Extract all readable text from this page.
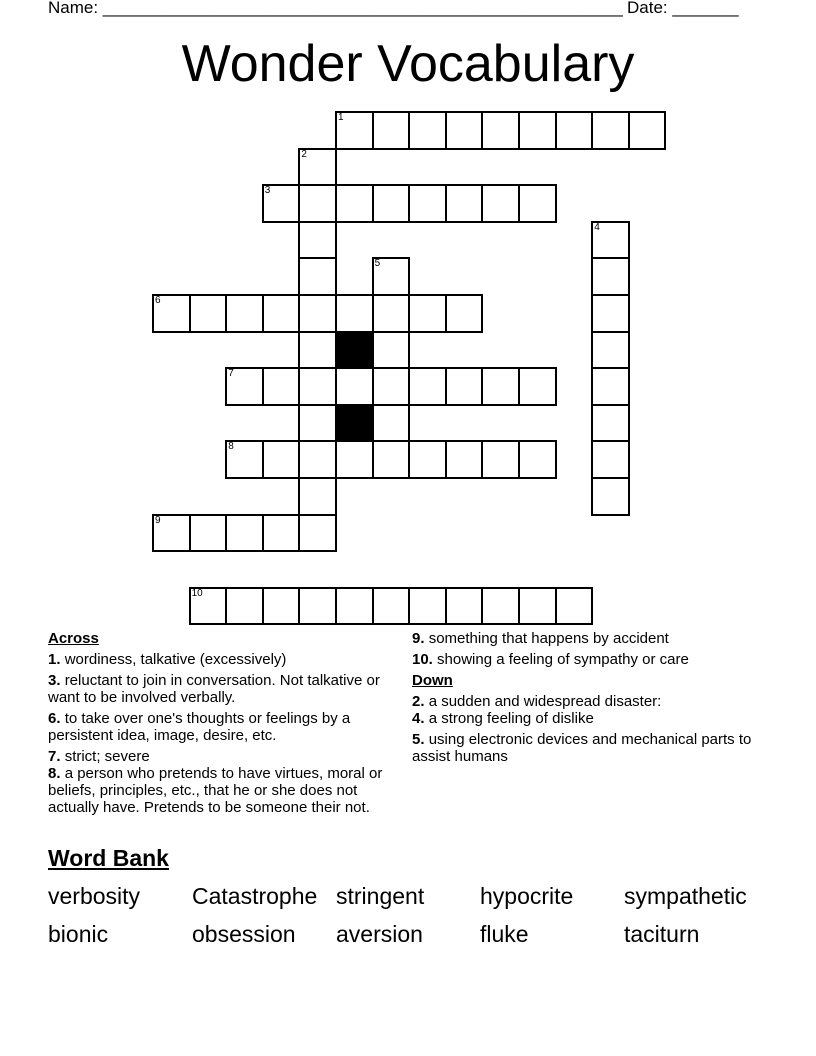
Name: _______________________________________________________ Date: _______
Wonder Vocabulary
1
2
3
4
5
6
7
8
9
10
Across
1. wordiness, talkative (excessively)
3. reluctant to join in conversation. Not talkative or want to be involved verbally.
6. to take over one's thoughts or feelings by a persistent idea, image, desire, etc.
7. strict; severe
8. a person who pretends to have virtues, moral or beliefs, principles, etc., that he or she does not actually have. Pretends to be someone their not.
9. something that happens by accident
10. showing a feeling of sympathy or care
Down
2. a sudden and widespread disaster:
4. a strong feeling of dislike
5. using electronic devices and mechanical parts to assist humans
Word Bank
verbosity	Catastrophe stringent	hypocrite	sympathetic
bionic	obsession	aversion	fluke	taciturn
